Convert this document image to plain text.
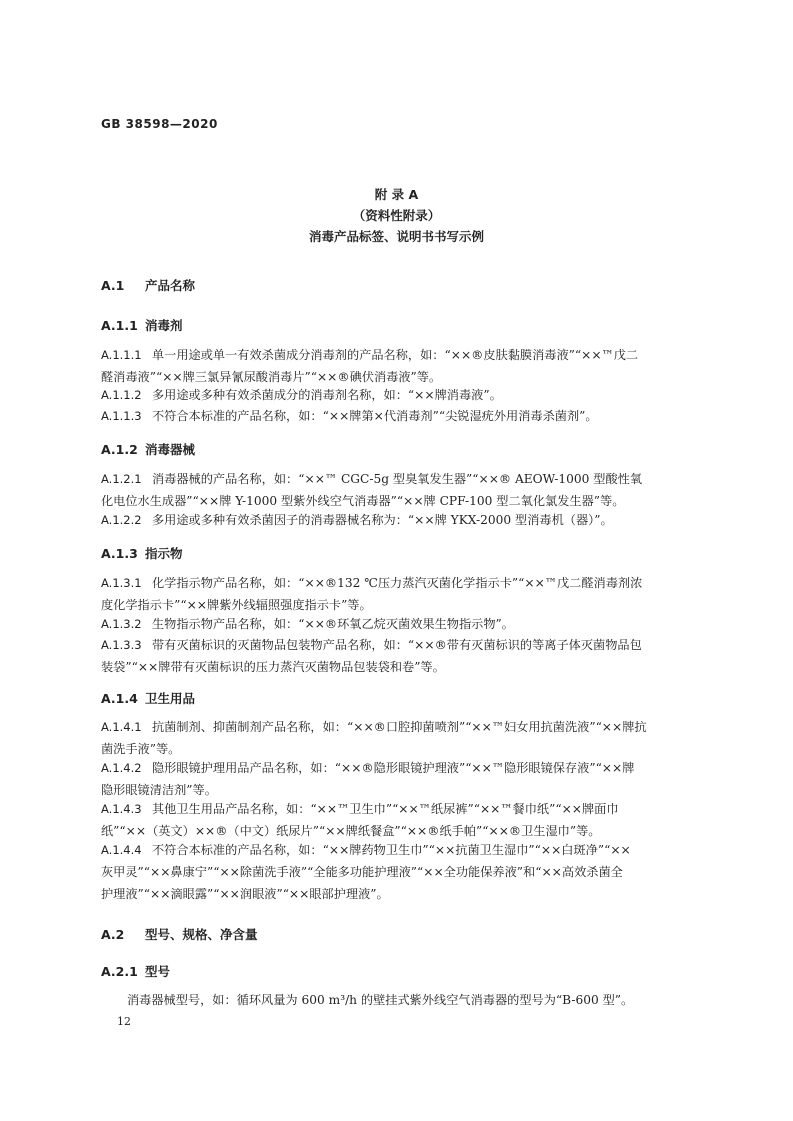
GB 38598—2020
附 录 A
（资料性附录）
消毒产品标签、说明书书写示例
A.1 产品名称
A.1.1 消毒剂
A.1.1.1 单一用途或单一有效杀菌成分消毒剂的产品名称，如：“××®皮肤黏膜消毒液”“××™戊二
醛消毒液”“××牌三氯异氰尿酸消毒片”“××®碘伏消毒液”等。
A.1.1.2 多用途或多种有效杀菌成分的消毒剂名称，如：“××牌消毒液”。
A.1.1.3 不符合本标准的产品名称，如：“××牌第×代消毒剂”“尖锐湿疣外用消毒杀菌剂”。
A.1.2 消毒器械
A.1.2.1 消毒器械的产品名称，如：“××™ CGC-5g 型臭氧发生器”“××® AEOW-1000 型酸性氧
化电位水生成器”“××牌 Y-1000 型紫外线空气消毒器”“××牌 CPF-100 型二氧化氯发生器”等。
A.1.2.2 多用途或多种有效杀菌因子的消毒器械名称为：“××牌 YKX-2000 型消毒机（器）”。
A.1.3 指示物
A.1.3.1 化学指示物产品名称，如：“××®132 ℃压力蒸汽灭菌化学指示卡”“××™戊二醛消毒剂浓
度化学指示卡”“××牌紫外线辐照强度指示卡”等。
A.1.3.2 生物指示物产品名称，如：“××®环氧乙烷灭菌效果生物指示物”。
A.1.3.3 带有灭菌标识的灭菌物品包装物产品名称，如：“××®带有灭菌标识的等离子体灭菌物品包
装袋”“××牌带有灭菌标识的压力蒸汽灭菌物品包装袋和卷”等。
A.1.4 卫生用品
A.1.4.1 抗菌制剂、抑菌制剂产品名称，如：“××®口腔抑菌喷剂”“××™妇女用抗菌洗液”“××牌抗
菌洗手液”等。
A.1.4.2 隐形眼镜护理用品产品名称，如：“××®隐形眼镜护理液”“××™隐形眼镜保存液”“××牌
隐形眼镜清洁剂”等。
A.1.4.3 其他卫生用品产品名称，如：“××™卫生巾”“××™纸尿裤”“××™餐巾纸”“××牌面巾
纸”“××（英文）××®（中文）纸尿片”“××牌纸餐盒”“××®纸手帕”“××®卫生湿巾”等。
A.1.4.4 不符合本标准的产品名称，如：“××牌药物卫生巾”“××抗菌卫生湿巾”“××白斑净”“××
灰甲灵”“××鼻康宁”“××除菌洗手液”“全能多功能护理液”“××全功能保养液”和“××高效杀菌全
护理液”“××滴眼露”“××润眼液”“××眼部护理液”。
A.2 型号、规格、净含量
A.2.1 型号
消毒器械型号，如：循环风量为 600 m³/h 的壁挂式紫外线空气消毒器的型号为“B-600 型”。
12
